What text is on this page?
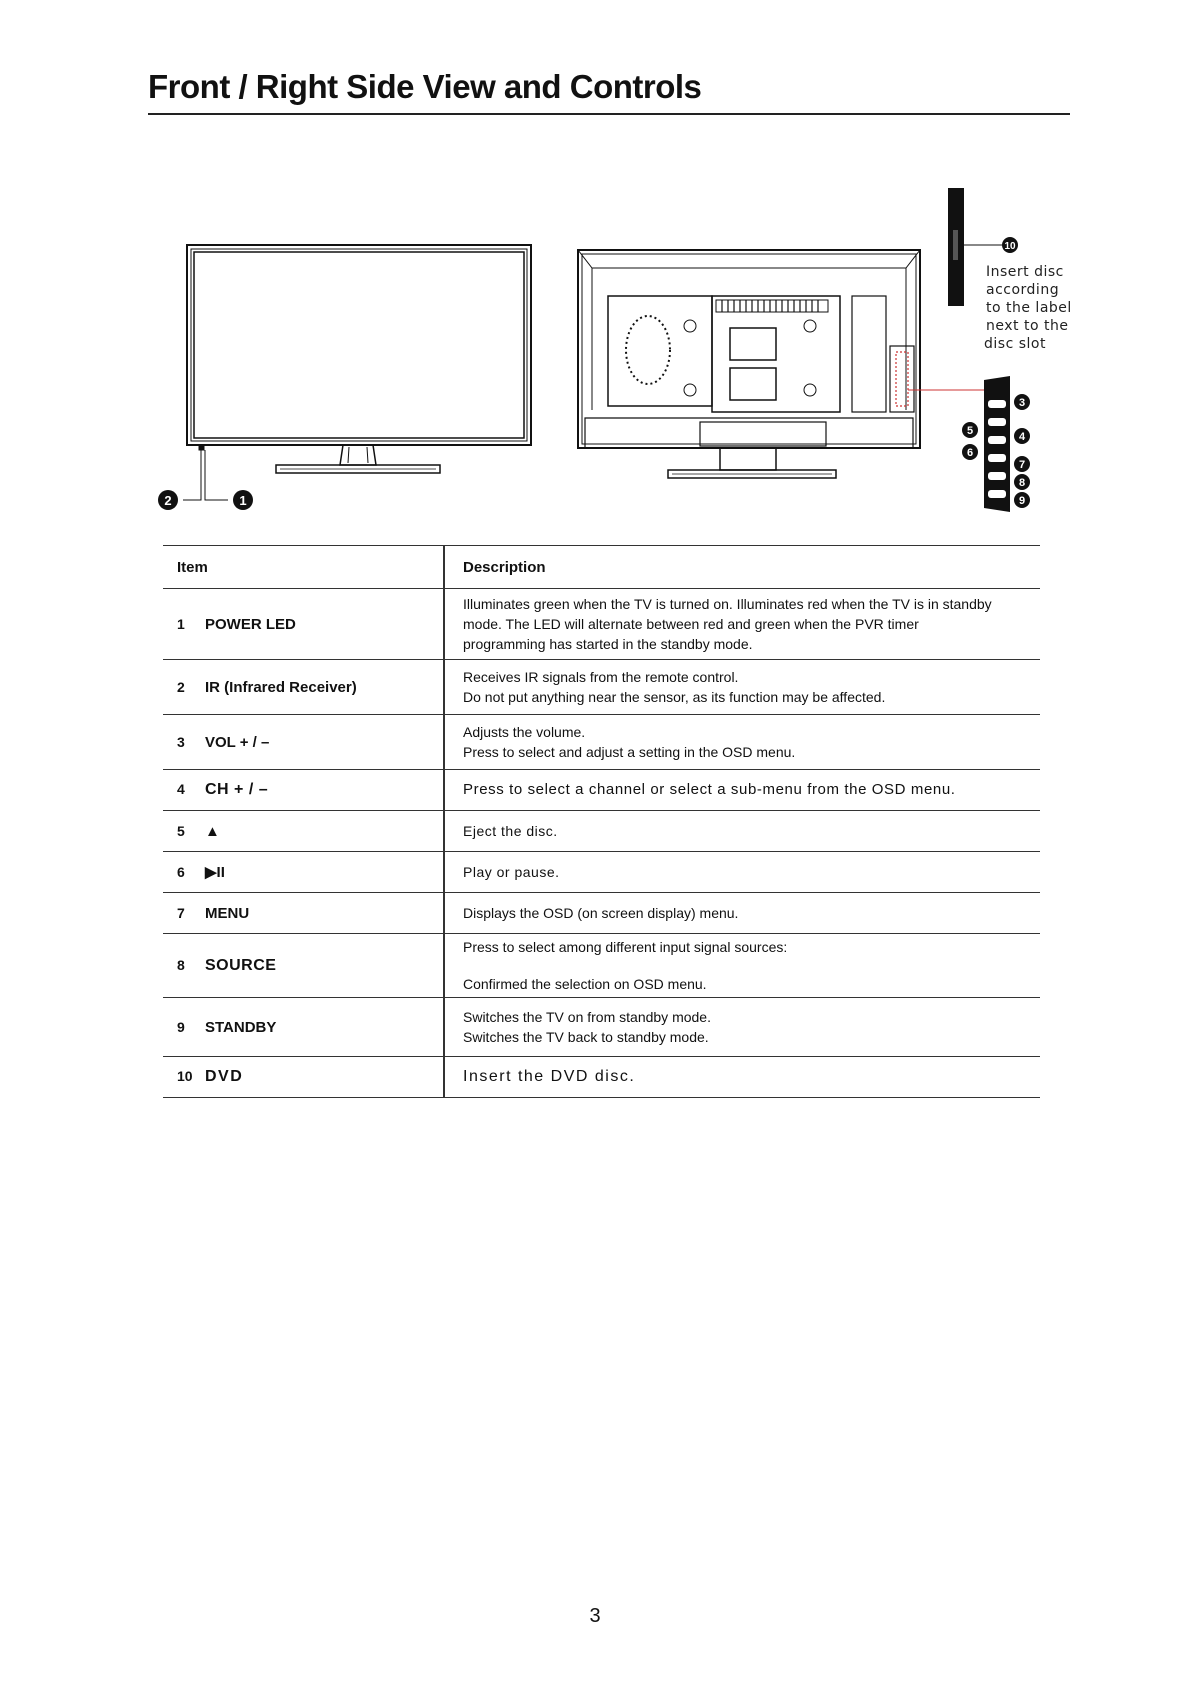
Front / Right Side View and Controls
2	1
10
Insert disc
according
to the label
next to the
disc slot
3
4
5
6
7
8
9
Item	Description
1 POWER LED	Illuminates green when the TV is turned on. Illuminates red when the TV is in standby
mode. The LED will alternate between red and green when the PVR timer
programming has started in the standby mode.

2 IR (Infrared Receiver)	Receives IR signals from the remote control.
Do not put anything near the sensor, as its function may be affected.

3 VOL + / –	Adjusts the volume.
Press to select and adjust a setting in the OSD menu.

4 CH + / –	Press to select a channel or select a sub-menu from the OSD menu.

5 ▲	Eject the disc.

6 ▶II	Play or pause.

7 MENU	Displays the OSD (on screen display) menu.

8 SOURCE	Press to select among different input signal sources:
Confirmed the selection on OSD menu.

9 STANDBY	Switches the TV on from standby mode.
Switches the TV back to standby mode.

10 DVD	Insert the DVD disc.
3
